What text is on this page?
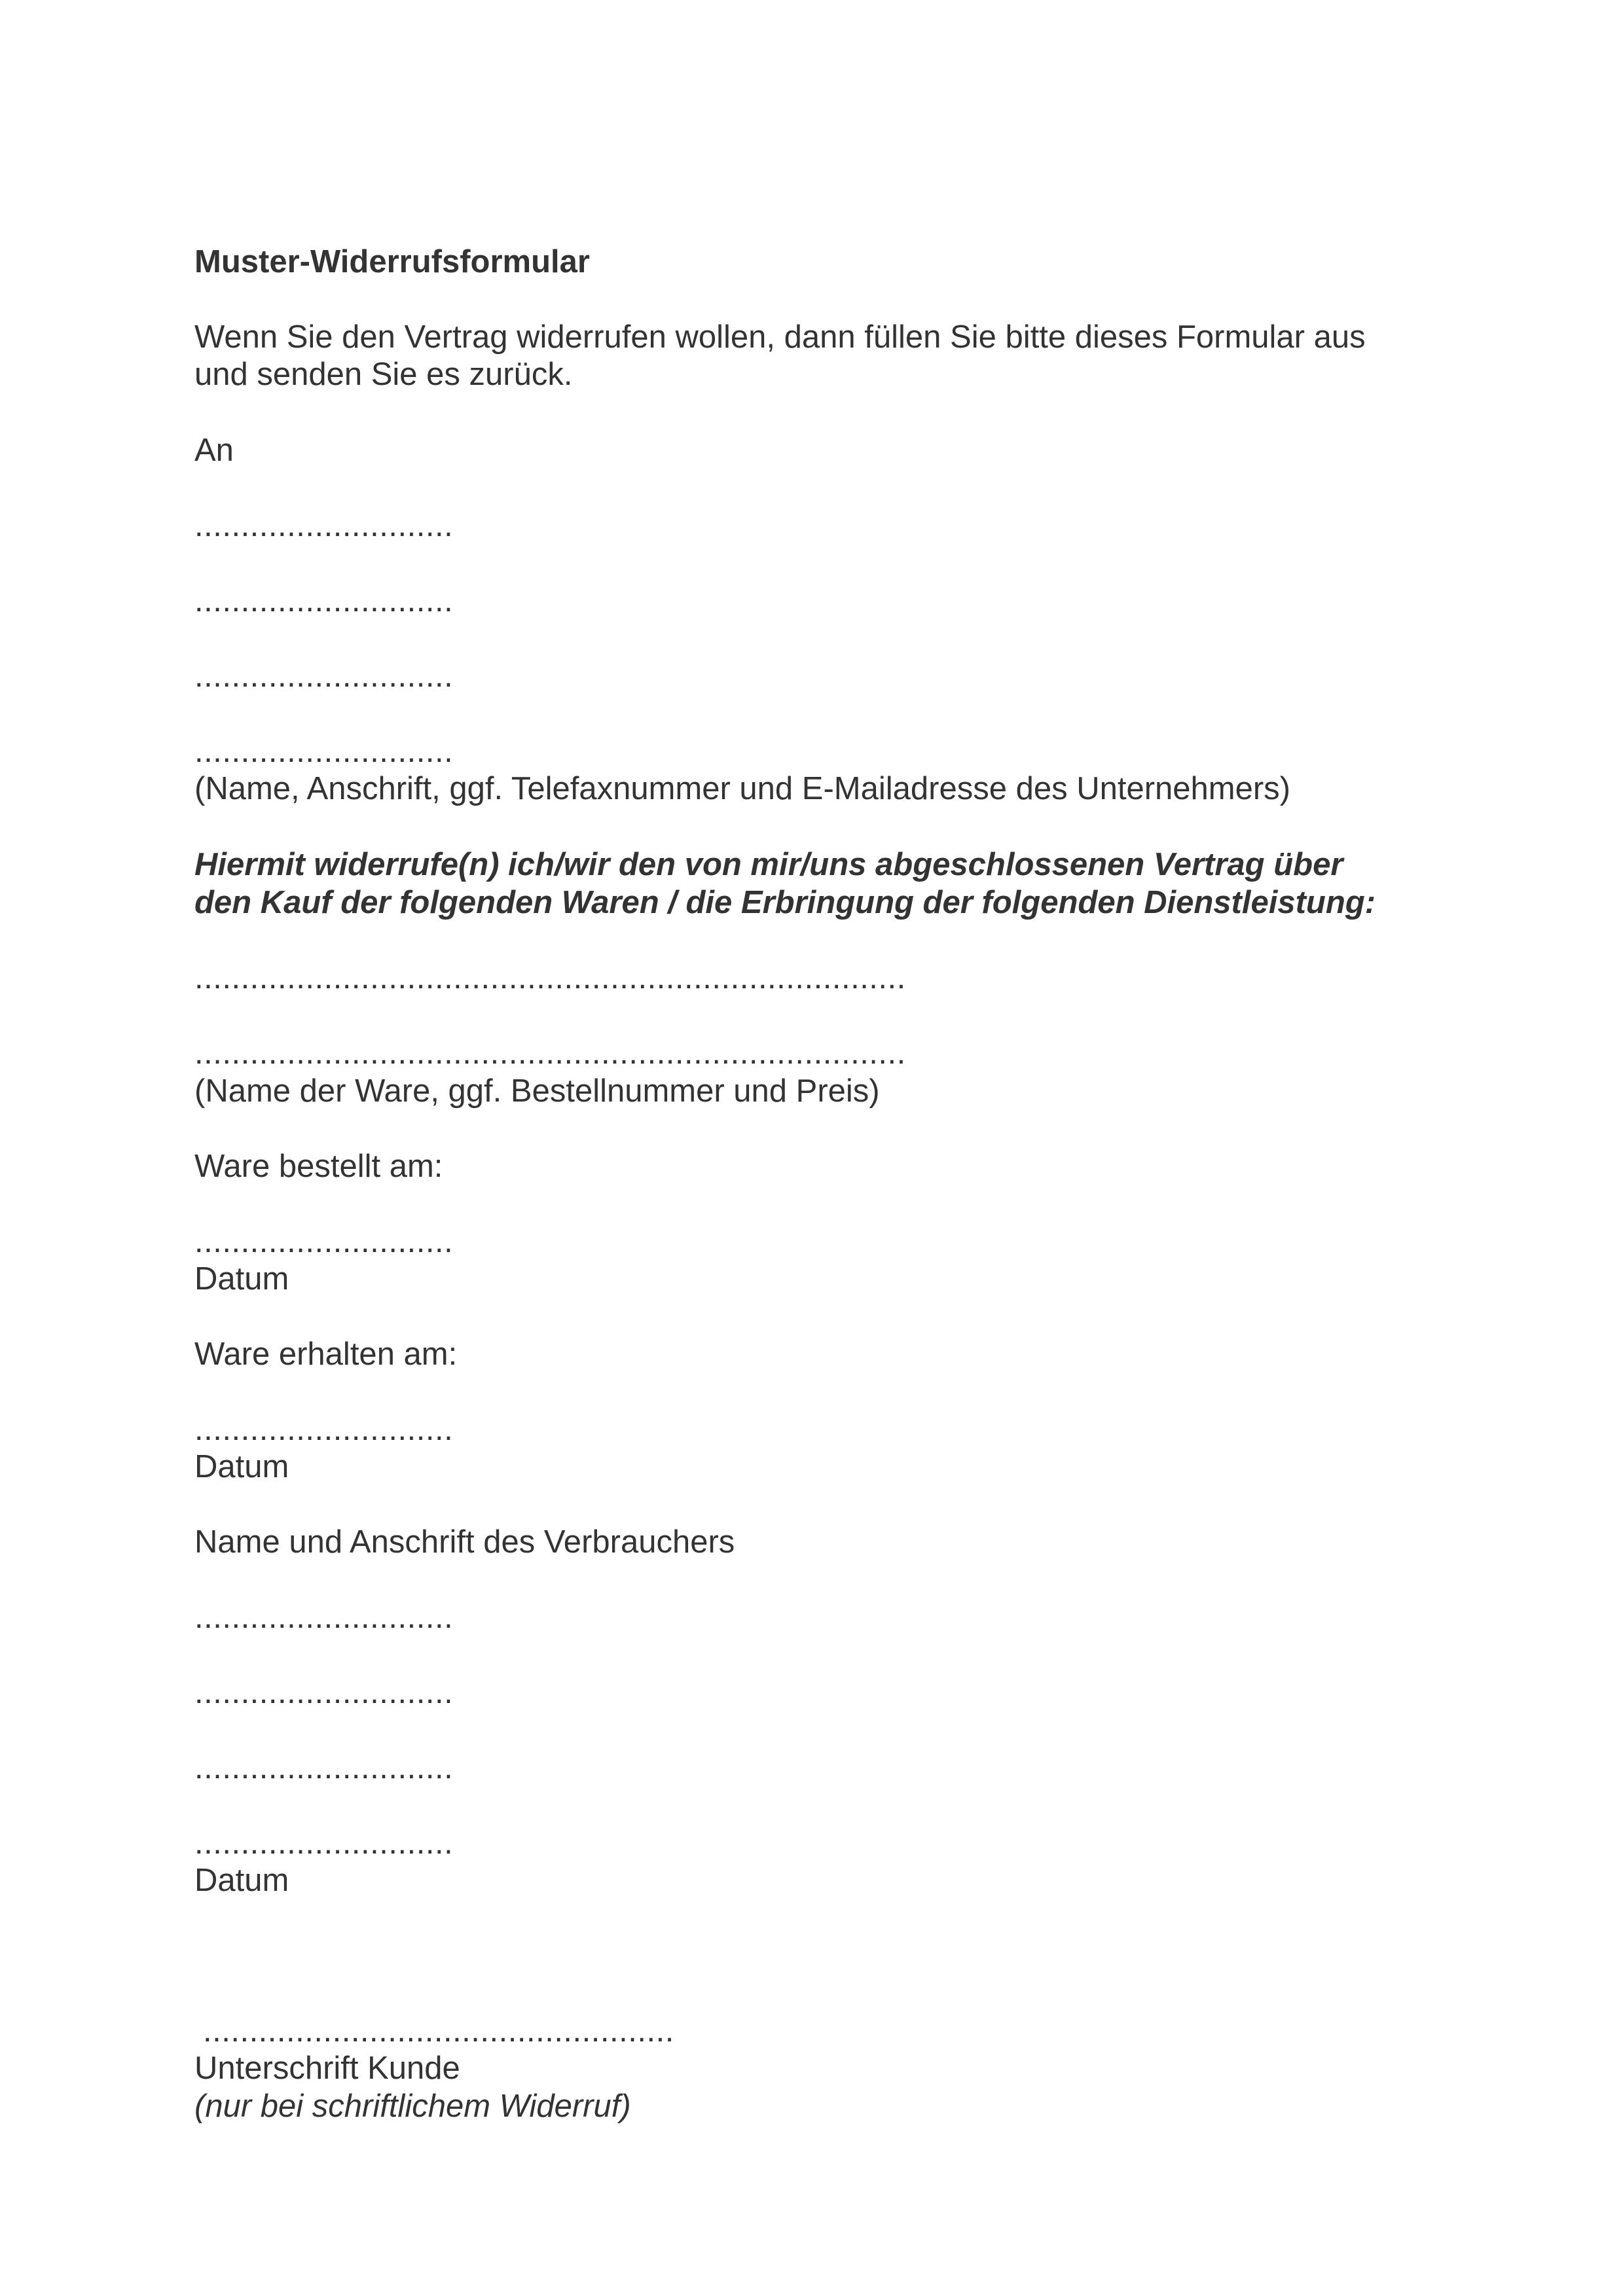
Muster-Widerrufsformular
Wenn Sie den Vertrag widerrufen wollen, dann füllen Sie bitte dieses Formular aus
und senden Sie es zurück.
An
............................
............................
............................
............................
(Name, Anschrift, ggf. Telefaxnummer und E-Mailadresse des Unternehmers)
Hiermit widerrufe(n) ich/wir den von mir/uns abgeschlossenen Vertrag über
den Kauf der folgenden Waren / die Erbringung der folgenden Dienstleistung:
.............................................................................
.............................................................................
(Name der Ware, ggf. Bestellnummer und Preis)
Ware bestellt am:
............................
Datum
Ware erhalten am:
............................
Datum
Name und Anschrift des Verbrauchers
............................
............................
............................
............................
Datum
...................................................
Unterschrift Kunde
(nur bei schriftlichem Widerruf)
